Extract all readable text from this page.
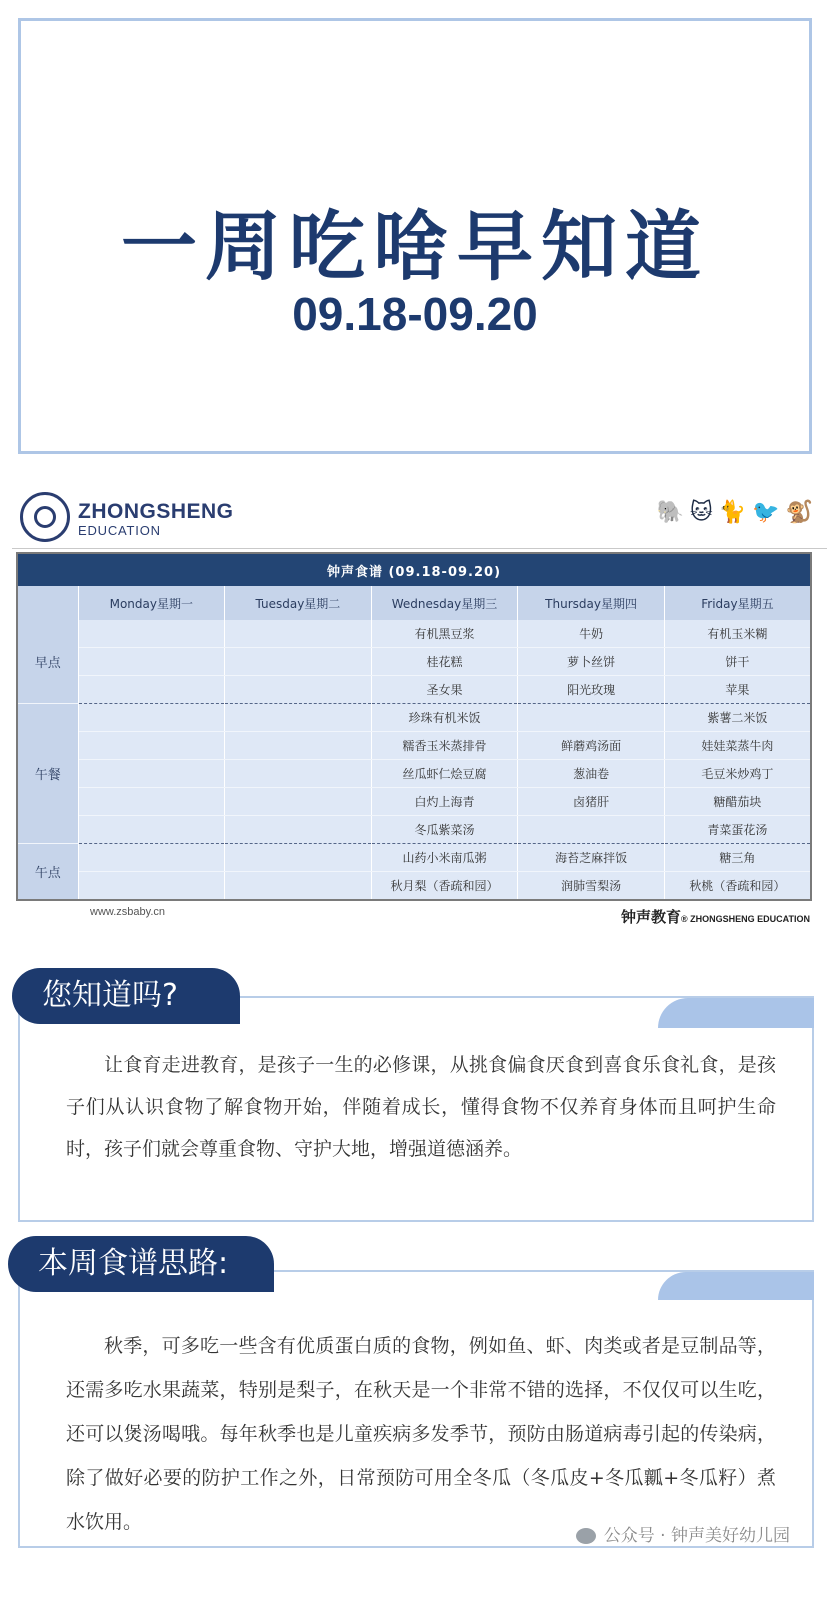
一周吃啥早知道
09.18-09.20
ZHONGSHENG
EDUCATION
🐘 🐱 🐈 🐦 🐒
钟声食谱 (09.18-09.20)					
	Monday星期一	Tuesday星期二	Wednesday星期三	Thursday星期四	Friday星期五
早点			有机黑豆浆	牛奶	有机玉米糊
			桂花糕	萝卜丝饼	饼干
			圣女果	阳光玫瑰	苹果
午餐			珍珠有机米饭		紫薯二米饭
			糯香玉米蒸排骨	鲜蘑鸡汤面	娃娃菜蒸牛肉
			丝瓜虾仁烩豆腐	葱油卷	毛豆米炒鸡丁
			白灼上海青	卤猪肝	糖醋茄块
			冬瓜紫菜汤		青菜蛋花汤
午点			山药小米南瓜粥	海苔芝麻拌饭	糖三角
			秋月梨（香疏和园）	润肺雪梨汤	秋桃（香疏和园）
www.zsbaby.cn	钟声教育® ZHONGSHENG EDUCATION
让食育走进教育，是孩子一生的必修课，从挑食偏食厌食到喜食乐食礼食，是孩子们从认识食物了解食物开始，伴随着成长，懂得食物不仅养育身体而且呵护生命时，孩子们就会尊重食物、守护大地，增强道德涵养。
您知道吗?
秋季，可多吃一些含有优质蛋白质的食物，例如鱼、虾、肉类或者是豆制品等，还需多吃水果蔬菜，特别是梨子，在秋天是一个非常不错的选择，不仅仅可以生吃，还可以煲汤喝哦。每年秋季也是儿童疾病多发季节，预防由肠道病毒引起的传染病，除了做好必要的防护工作之外，日常预防可用全冬瓜（冬瓜皮+冬瓜瓤+冬瓜籽）煮水饮用。
本周食谱思路:
公众号 · 钟声美好幼儿园
